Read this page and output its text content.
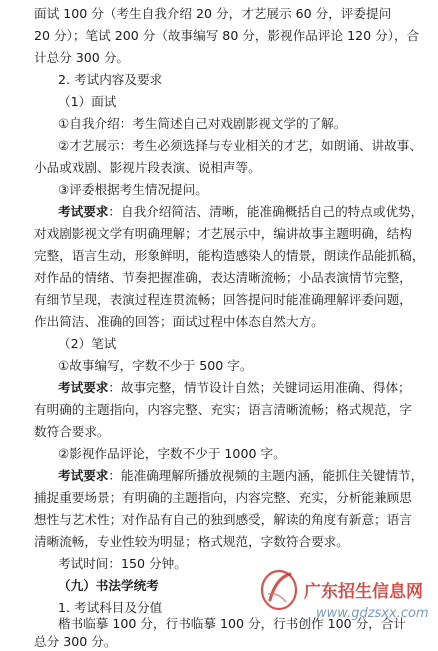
面试 100 分（考生自我介绍 20 分，才艺展示 60 分，评委提问
20 分）；笔试 200 分（故事编写 80 分，影视作品评论 120 分），合
计总分 300 分。
2. 考试内容及要求
（1）面试
①自我介绍：考生简述自己对戏剧影视文学的了解。
②才艺展示：考生必须选择与专业相关的才艺，如朗诵、讲故事、
小品或戏剧、影视片段表演、说相声等。
③评委根据考生情况提问。
考试要求：自我介绍简洁、清晰，能准确概括自己的特点或优势，
对戏剧影视文学有明确理解；才艺展示中，编讲故事主题明确，结构
完整，语言生动，形象鲜明，能构造感染人的情景，朗读作品能抓稿，
对作品的情绪、节奏把握准确，表达清晰流畅；小品表演情节完整，
有细节呈现，表演过程连贯流畅；回答提问时能准确理解评委问题，
作出简洁、准确的回答；面试过程中体态自然大方。
（2）笔试
①故事编写，字数不少于 500 字。
考试要求：故事完整，情节设计自然；关键词运用准确、得体；
有明确的主题指向，内容完整、充实；语言清晰流畅；格式规范，字
数符合要求。
②影视作品评论，字数不少于 1000 字。
考试要求：能准确理解所播放视频的主题内涵，能抓住关键情节，
捕捉重要场景；有明确的主题指向，内容完整、充实，分析能兼顾思
想性与艺术性；对作品有自己的独到感受，解读的角度有新意；语言
清晰流畅，专业性较为明显；格式规范，字数符合要求。
考试时间：150 分钟。
（九）书法学统考
1. 考试科目及分值
楷书临摹 100 分，行书临摹 100 分，行书创作 100 分，合计
总分 300 分。
广东招生信息网
www.gdzsxx.com
